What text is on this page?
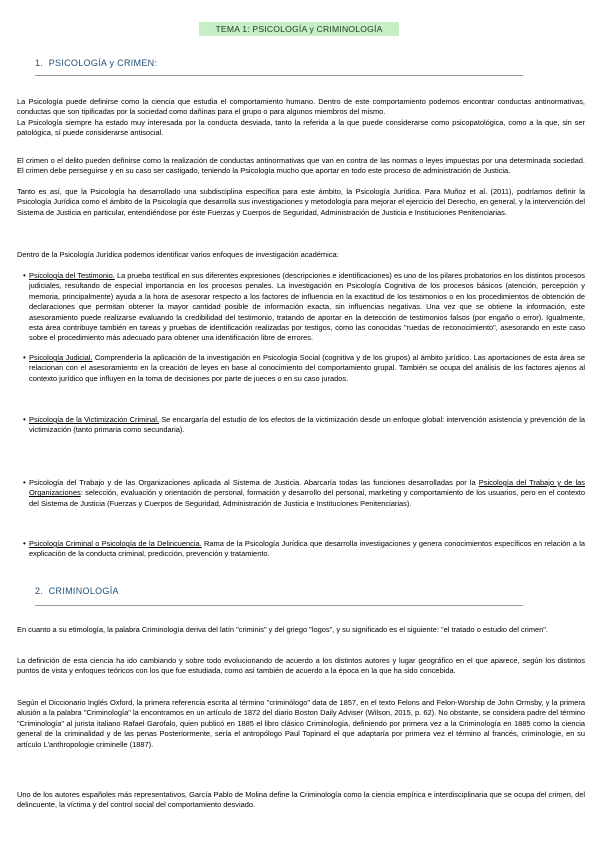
TEMA 1: PSICOLOGÍA y CRIMINOLOGÍA
1. PSICOLOGÍA y CRIMEN:

La Psicología puede definirse como la ciencia que estudia el comportamiento humano. Dentro de este comportamiento podemos encontrar conductas antinormativas, conductas que son tipificadas por la sociedad como dañinas para el grupo o para algunos miembros del mismo.

La Psicología siempre ha estado muy interesada por la conducta desviada, tanto la referida a la que puede considerarse como psicopatológica, como a la que, sin ser patológica, sí puede considerarse antisocial.

El crimen o el delito pueden definirse como la realización de conductas antinormativas que van en contra de las normas o leyes impuestas por una determinada sociedad. El crimen debe perseguirse y en su caso ser castigado, teniendo la Psicología mucho que aportar en todo este proceso de administración de Justicia.

Tanto es así, que la Psicología ha desarrollado una subdisciplina específica para este ámbito, la Psicología Jurídica. Para Muñoz et al. (2011), podríamos definir la Psicología Jurídica como el ámbito de la Psicología que desarrolla sus investigaciones y metodología para mejorar el ejercicio del Derecho, en general, y la intervención del Sistema de Justicia en particular, entendiéndose por éste Fuerzas y Cuerpos de Seguridad, Administración de Justicia e Instituciones Penitenciarias.

Dentro de la Psicología Jurídica podemos identificar varios enfoques de investigación académica:

• Psicología del Testimonio. La prueba testifical en sus diferentes expresiones (descripciones e identificaciones) es uno de los pilares probatorios en los distintos procesos judiciales, resultando de especial importancia en los procesos penales. La investigación en Psicología Cognitiva de los procesos básicos (atención, percepción y memoria, principalmente) ayuda a la hora de asesorar respecto a los factores de influencia en la exactitud de los testimonios o en los procedimientos de obtención de declaraciones que permitan obtener la mayor cantidad posible de información exacta, sin influencias negativas. Una vez que se obtiene la información, este asesoramiento puede realizarse evaluando la credibilidad del testimonio, tratando de aportar en la detección de testimonios falsos (por engaño o error). Igualmente, esta área contribuye también en tareas y pruebas de identificación realizadas por testigos, como las conocidas "ruedas de reconocimiento", asesorando en este caso sobre el procedimiento más adecuado para obtener una identificación libre de errores.
• Psicología Judicial. Comprendería la aplicación de la investigación en Psicología Social (cognitiva y de los grupos) al ámbito jurídico. Las aportaciones de esta área se relacionan con el asesoramiento en la creación de leyes en base al conocimiento del comportamiento grupal. También se ocupa del análisis de los factores ajenos al contexto jurídico que influyen en la toma de decisiones por parte de jueces o en su caso jurados.
• Psicología de la Victimización Criminal. Se encargaría del estudio de los efectos de la victimización desde un enfoque global: intervención asistencia y prevención de la victimización (tanto primaria como secundaria).
• Psicología del Trabajo y de las Organizaciones aplicada al Sistema de Justicia. Abarcaría todas las funciones desarrolladas por la Psicología del Trabajo y de las Organizaciones: selección, evaluación y orientación de personal, formación y desarrollo del personal, marketing y comportamiento de los usuarios, pero en el contexto del Sistema de Justicia (Fuerzas y Cuerpos de Seguridad, Administración de Justicia e Instituciones Penitenciarias).
• Psicología Criminal o Psicología de la Delincuencia. Rama de la Psicología Jurídica que desarrolla investigaciones y genera conocimientos específicos en relación a la explicación de la conducta criminal, predicción, prevención y tratamiento.
2. CRIMINOLOGÍA

En cuanto a su etimología, la palabra Criminología deriva del latín "criminis" y del griego "logos", y su significado es el siguiente: "el tratado o estudio del crimen".

La definición de esta ciencia ha ido cambiando y sobre todo evolucionando de acuerdo a los distintos autores y lugar geográfico en el que aparece, según los distintos puntos de vista y enfoques teóricos con los que fue estudiada, como así también de acuerdo a la época en la que ha sido concebida.

Según el Diccionario Inglés Oxford, la primera referencia escrita al término "criminólogo" data de 1857, en el texto Felons and Felon-Worship de John Ormsby, y la primera alusión a la palabra "Criminología" la encontramos en un artículo de 1872 del diario Boston Daily Adviser (Wilson, 2015, p. 62). No obstante, se considera padre del término "Criminología" al jurista italiano Rafael Garofalo, quien publicó en 1885 el libro clásico Criminología, definiendo por primera vez a la Criminología en 1885 como la ciencia general de la criminalidad y de las penas Posteriormente, sería el antropólogo Paul Topinard el que adaptaría por primera vez el término al francés, criminologie, en su artículo L'anthropologie criminelle (1887).

Uno de los autores españoles más representativos, García Pablo de Molina define la Criminología como la ciencia empírica e interdisciplinaria que se ocupa del crimen, del delincuente, la víctima y del control social del comportamiento desviado.
